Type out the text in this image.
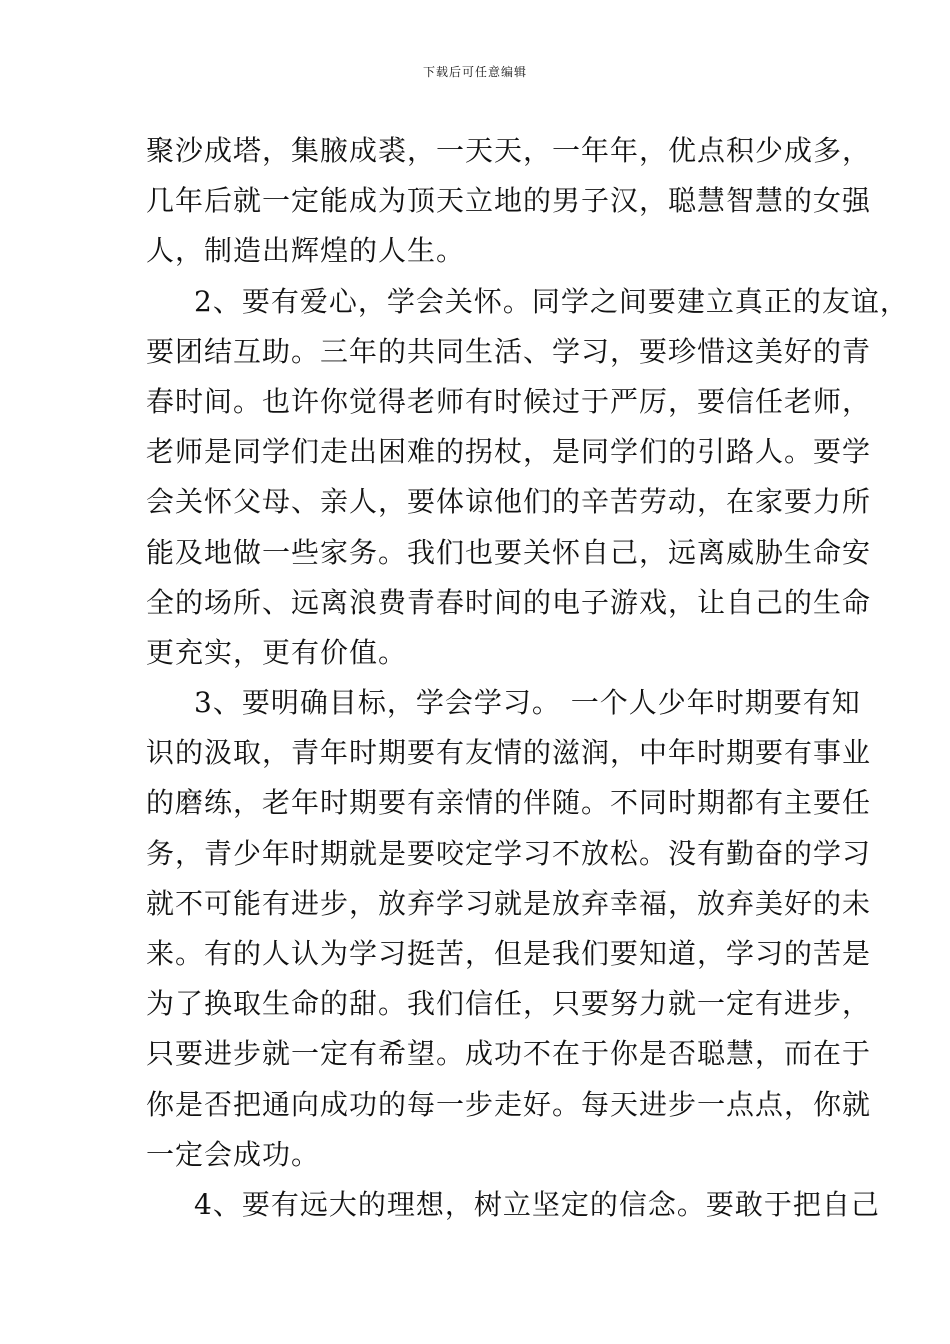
下载后可任意编辑
聚沙成塔，集腋成裘，一天天，一年年，优点积少成多，
几年后就一定能成为顶天立地的男子汉，聪慧智慧的女强
人，制造出辉煌的人生。
2、要有爱心，学会关怀。同学之间要建立真正的友谊，
要团结互助。三年的共同生活、学习，要珍惜这美好的青
春时间。也许你觉得老师有时候过于严厉，要信任老师，
老师是同学们走出困难的拐杖，是同学们的引路人。要学
会关怀父母、亲人，要体谅他们的辛苦劳动，在家要力所
能及地做一些家务。我们也要关怀自己，远离威胁生命安
全的场所、远离浪费青春时间的电子游戏，让自己的生命
更充实，更有价值。
3、要明确目标，学会学习。 一个人少年时期要有知
识的汲取，青年时期要有友情的滋润，中年时期要有事业
的磨练，老年时期要有亲情的伴随。不同时期都有主要任
务，青少年时期就是要咬定学习不放松。没有勤奋的学习
就不可能有进步，放弃学习就是放弃幸福，放弃美好的未
来。有的人认为学习挺苦，但是我们要知道，学习的苦是
为了换取生命的甜。我们信任，只要努力就一定有进步，
只要进步就一定有希望。成功不在于你是否聪慧，而在于
你是否把通向成功的每一步走好。每天进步一点点，你就
一定会成功。
4、要有远大的理想，树立坚定的信念。要敢于把自己
